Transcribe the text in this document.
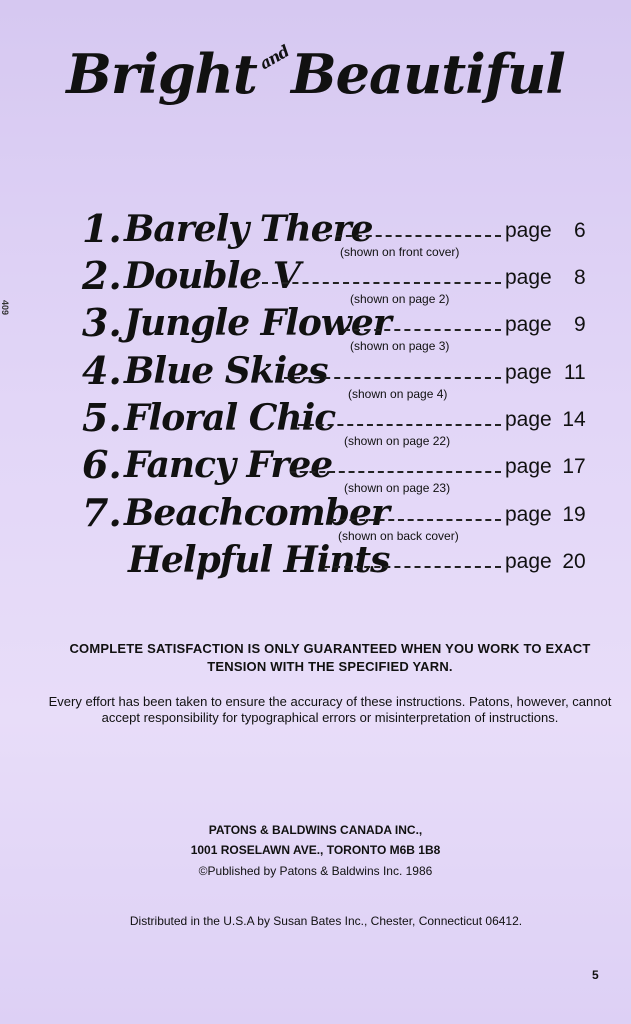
409
BrightandBeautiful
1. Barely There
(shown on front cover)
page 6
2. Double V
(shown on page 2)
page 8
3. Jungle Flower
(shown on page 3)
page 9
4. Blue Skies
(shown on page 4)
page 11
5. Floral Chic
(shown on page 22)
page 14
6. Fancy Free
(shown on page 23)
page 17
7. Beachcomber
(shown on back cover)
page 19
Helpful Hints	page 20
COMPLETE SATISFACTION IS ONLY GUARANTEED WHEN YOU WORK TO EXACT TENSION WITH THE SPECIFIED YARN.
Every effort has been taken to ensure the accuracy of these instructions. Patons, however, cannot accept responsibility for typographical errors or misinterpretation of instructions.
PATONS & BALDWINS CANADA INC.,
1001 ROSELAWN AVE., TORONTO M6B 1B8
©Published by Patons & Baldwins Inc. 1986
Distributed in the U.S.A by Susan Bates Inc., Chester, Connecticut 06412.
5
